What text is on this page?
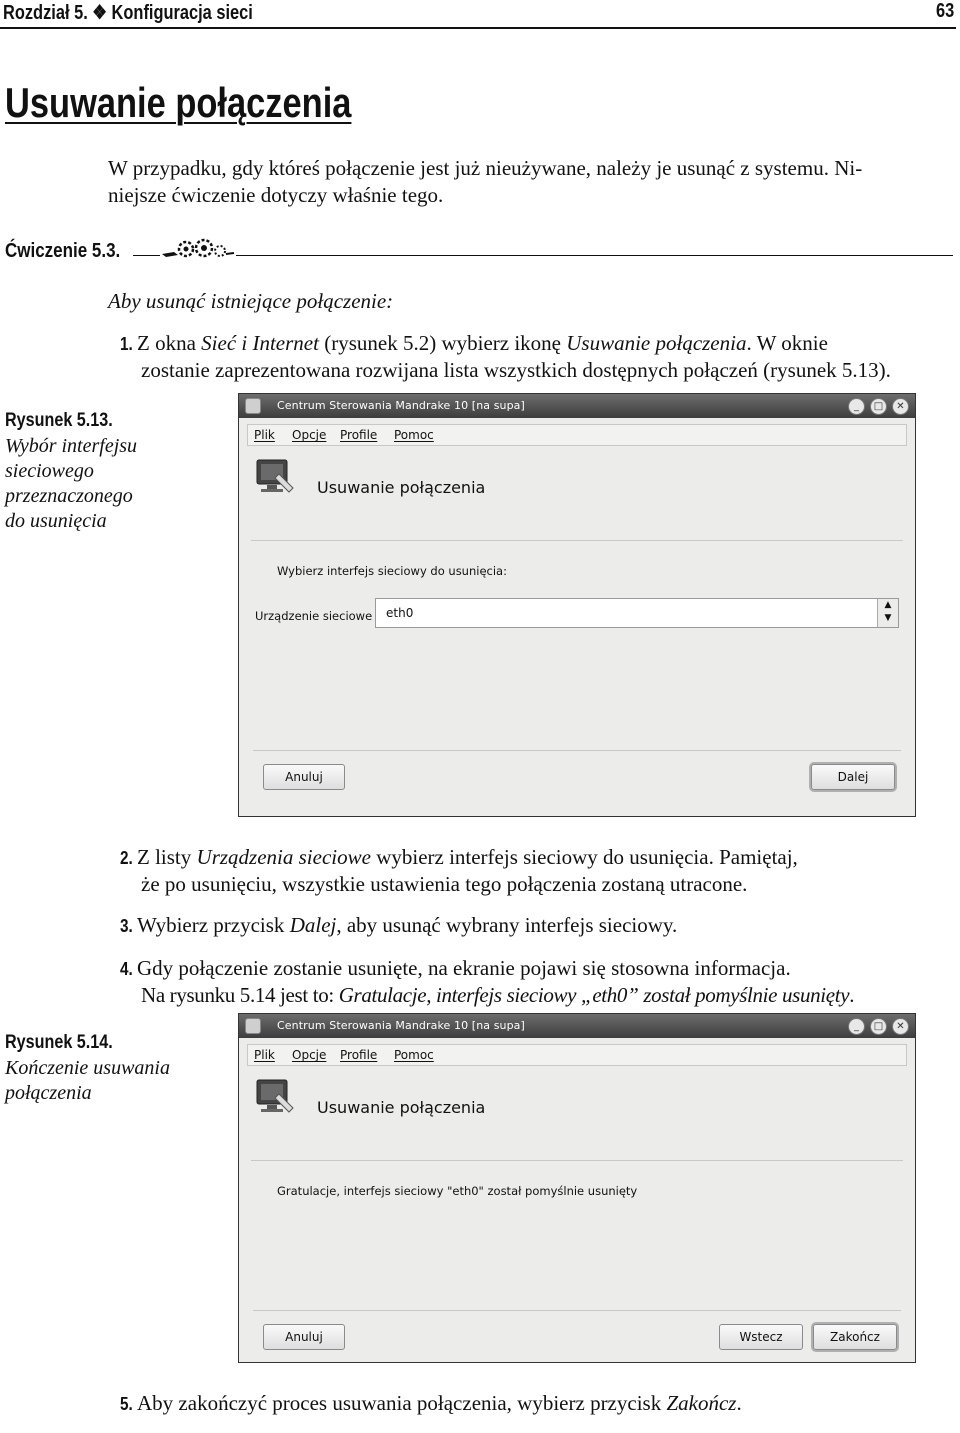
Rozdział 5. ❖ Konfiguracja sieci	63
Usuwanie połączenia
W przypadku, gdy któreś połączenie jest już nieużywane, należy je usunąć z systemu. Ni-
niejsze ćwiczenie dotyczy właśnie tego.
Ćwiczenie 5.3.
Aby usunąć istniejące połączenie:
1. Z okna Sieć i Internet (rysunek 5.2) wybierz ikonę Usuwanie połączenia. W oknie
zostanie zaprezentowana rozwijana lista wszystkich dostępnych połączeń (rysunek 5.13).
Rysunek 5.13.
Wybór interfejsu
sieciowego
przeznaczonego
do usunięcia
Centrum Sterowania Mandrake 10 [na supa]	_	□	✕
Plik Opcje Profile Pomoc
Usuwanie połączenia
Wybierz interfejs sieciowy do usunięcia:
Urządzenie sieciowe eth0
▲
▼
Anuluj	Dalej
2. Z listy Urządzenia sieciowe wybierz interfejs sieciowy do usunięcia. Pamiętaj,
że po usunięciu, wszystkie ustawienia tego połączenia zostaną utracone.
3. Wybierz przycisk Dalej, aby usunąć wybrany interfejs sieciowy.
4. Gdy połączenie zostanie usunięte, na ekranie pojawi się stosowna informacja.
Na rysunku 5.14 jest to: Gratulacje, interfejs sieciowy „eth0” został pomyślnie usunięty.
Rysunek 5.14.
Kończenie usuwania
połączenia
Centrum Sterowania Mandrake 10 [na supa]	_	□	✕
Plik Opcje Profile Pomoc
Usuwanie połączenia
Gratulacje, interfejs sieciowy "eth0" został pomyślnie usunięty
Anuluj	Wstecz	Zakończ
5. Aby zakończyć proces usuwania połączenia, wybierz przycisk Zakończ.
